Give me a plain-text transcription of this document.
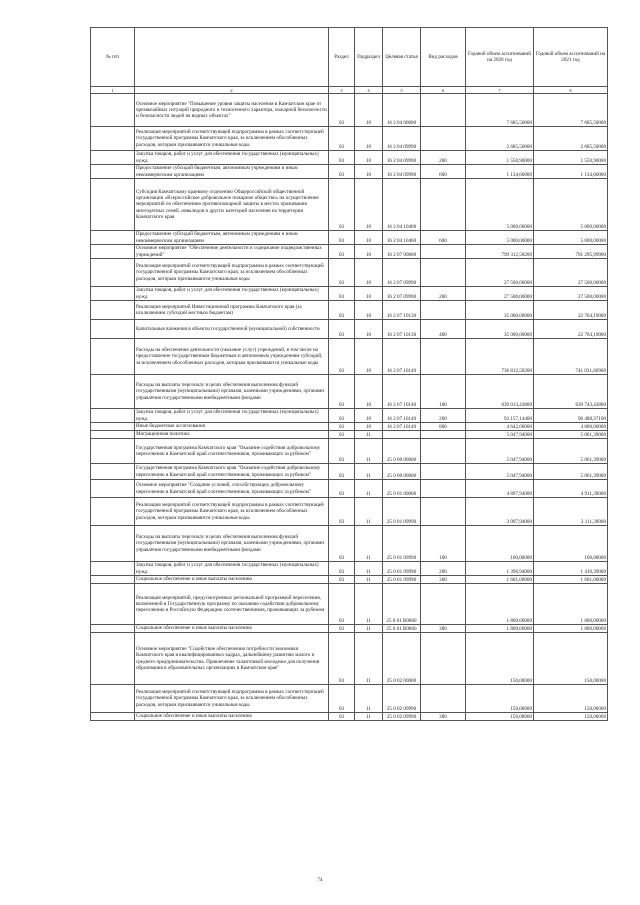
№ п/п		Раздел	Подраздел	Целевая статья	Вид расходов	Годовой объем ассигнований на 2020 год	Годовой объем ассигнований на 2021 год
1	2	3	4	5	6	7	8
	Основное мероприятие "Повышение уровня защиты населения в Камчатском крае от чрезвычайных ситуаций природного и техногенного характера, пожарной безопасности и безопасности людей на водных объектах"	03	10	16 2 04 00000		7 685,50000	7 685,50000
	Реализация мероприятий соответствующей подпрограммы в рамках соответствующей государственной программы Камчатского края, за исключением обособленных расходов, которым присваиваются уникальные коды	03	10	16 2 04 09990		2 685,50000	2 685,50000
	Закупка товаров, работ и услуг для обеспечения государственных (муниципальных) нужд	03	10	16 2 04 09990	200	1 550,90000	1 550,90000
	Предоставление субсидий бюджетным, автономным учреждениям и иным некоммерческим организациям	03	10	16 2 04 09990	600	1 134,60000	1 134,60000
	Субсидия Камчатскому краевому отделению Общероссийской общественной организации «Всероссийское добровольное пожарное общество» на осуществление мероприятий по обеспечению противопожарной защиты в местах проживания многодетных семей, инвалидов и других категорий населения на территории Камчатского края	03	10	16 2 04 10460		5 000,00000	5 000,00000
	Предоставление субсидий бюджетным, автономным учреждениям и иным некоммерческим организациям	03	10	16 2 04 10460	600	5 000,00000	5 000,00000
	Основное мероприятие "Обеспечение деятельности и содержание подведомственных учреждений"	03	10	16 2 07 00000		799 312,58200	791 295,99900
	Реализация мероприятий соответствующей подпрограммы в рамках соответствующей государственной программы Камчатского края, за исключением обособленных расходов, которым присваиваются уникальные коды	03	10	16 2 07 09990		27 500,00000	27 500,00000
	Закупка товаров, работ и услуг для обеспечения государственных (муниципальных) нужд	03	10	16 2 07 09990	200	27 500,00000	27 500,00000
	Реализация мероприятий Инвестиционной программы Камчатского края (за исключением субсидий местным бюджетам)	03	10	16 2 07 10130		35 000,00000	22 764,19000
	Капитальные вложения в объекты государственной (муниципальной) собственности	03	10	16 2 07 10130	400	35 000,00000	22 764,19000
	Расходы на обеспечение деятельности (оказание услуг) учреждений, в том числе на предоставление государственным бюджетным и автономным учреждениям субсидий, за исключением обособленных расходов, которым присваиваются уникальные коды	03	10	16 2 07 10140		736 812,58200	741 031,80900
	Расходы на выплаты персоналу в целях обеспечения выполнения функций государственными (муниципальными) органами, казенными учреждениями, органами управления государственными внебюджетными фондами	03	10	16 2 07 10140	100	639 013,43800	639 743,43800
	Закупка товаров, работ и услуг для обеспечения государственных (муниципальных) нужд	03	10	16 2 07 10140	200	93 157,14400	96 488,37100
	Иные бюджетные ассигнования	03	10	16 2 07 10140	800	4 642,00000	4 800,00000
	Миграционная политика	03	11			5 047,94000	5 061,39000
	Государственная программа Камчатского края "Оказание содействия добровольному переселению в Камчатский край соотечественников, проживающих за рубежом"	03	11	25 0 00 00000		5 047,94000	5 061,39000
	Государственная программа Камчатского края "Оказание содействия добровольному переселению в Камчатский край соотечественников, проживающих за рубежом"	03	11	25 0 00 00000		5 047,94000	5 061,39000
	Основное мероприятие "Создание условий, способствующих добровольному переселению в Камчатский край соотечественников, проживающих за рубежом"	03	11	25 0 01 00000		4 897,94000	4 911,39000
	Реализация мероприятий соответствующей подпрограммы в рамках соответствующей государственной программы Камчатского края, за исключением обособленных расходов, которым присваиваются уникальные коды	03	11	25 0 01 09990		3 097,94000	3 111,39000
	Расходы на выплаты персоналу в целях обеспечения выполнения функций государственными (муниципальными) органами, казенными учреждениями, органами управления государственными внебюджетными фондами	03	11	25 0 01 09990	100	100,00000	100,00000
	Закупка товаров, работ и услуг для обеспечения государственных (муниципальных) нужд	03	11	25 0 01 09990	200	1 396,94000	1 410,39000
	Социальное обеспечение и иные выплаты населению	03	11	25 0 01 09990	300	1 601,00000	1 601,00000
	Реализация мероприятий, предусмотренных региональной программой переселения, включенной в Государственную программу по оказанию содействия добровольному переселению в Российскую Федерацию соотечественников, проживающих за рубежом	03	11	25 0 01 R0860		1 800,00000	1 800,00000
	Социальное обеспечение и иные выплаты населению	03	11	25 0 01 R0860	300	1 800,00000	1 800,00000
	Основное мероприятие "Содействие обеспечению потребности экономики Камчатского края в квалифицированных кадрах, дальнейшему развитию малого и среднего предпринимательства. Привлечение талантливой молодежи для получения образования в образовательных организациях в Камчатском крае"	03	11	25 0 02 00000		150,00000	150,00000
	Реализация мероприятий соответствующей подпрограммы в рамках соответствующей государственной программы Камчатского края, за исключением обособленных расходов, которым присваиваются уникальные коды	03	11	25 0 02 09990		150,00000	150,00000
	Социальное обеспечение и иные выплаты населению	03	11	25 0 02 09990	300	150,00000	150,00000
74
